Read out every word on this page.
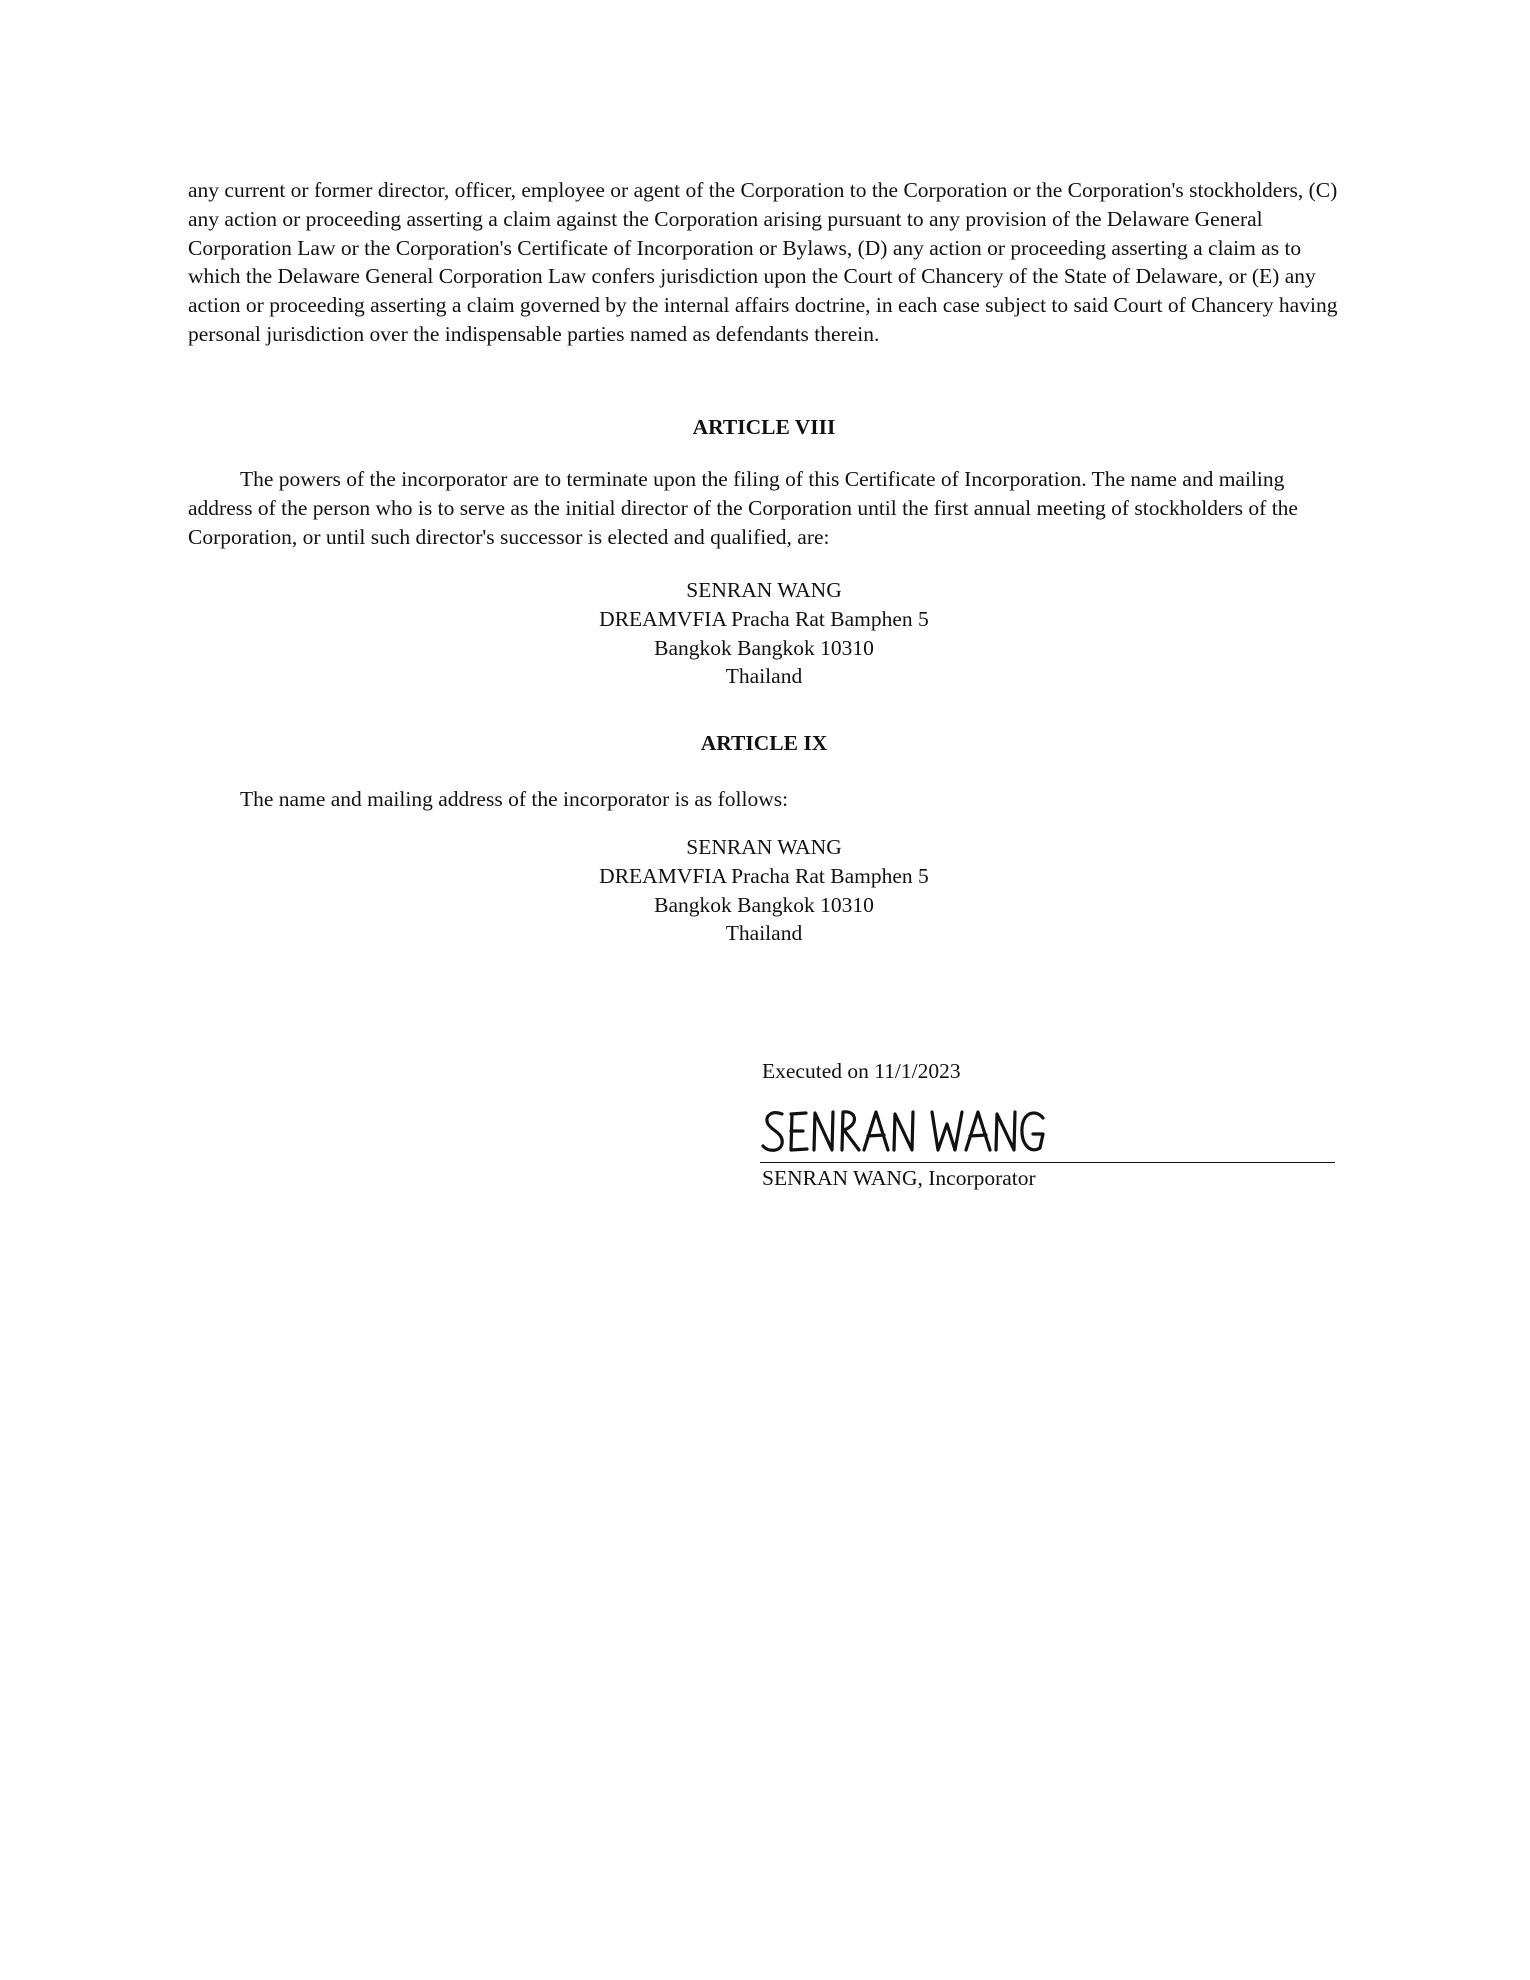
any current or former director, officer, employee or agent of the Corporation to the Corporation or the Corporation's stockholders, (C) any action or proceeding asserting a claim against the Corporation arising pursuant to any provision of the Delaware General Corporation Law or the Corporation's Certificate of Incorporation or Bylaws, (D) any action or proceeding asserting a claim as to which the Delaware General Corporation Law confers jurisdiction upon the Court of Chancery of the State of Delaware, or (E) any action or proceeding asserting a claim governed by the internal affairs doctrine, in each case subject to said Court of Chancery having personal jurisdiction over the indispensable parties named as defendants therein.
ARTICLE VIII
The powers of the incorporator are to terminate upon the filing of this Certificate of Incorporation. The name and mailing address of the person who is to serve as the initial director of the Corporation until the first annual meeting of stockholders of the Corporation, or until such director's successor is elected and qualified, are:
SENRAN WANG
DREAMVFIA Pracha Rat Bamphen 5
Bangkok Bangkok 10310
Thailand
ARTICLE IX
The name and mailing address of the incorporator is as follows:
SENRAN WANG
DREAMVFIA Pracha Rat Bamphen 5
Bangkok Bangkok 10310
Thailand
Executed on 11/1/2023
SENRAN WANG, Incorporator
